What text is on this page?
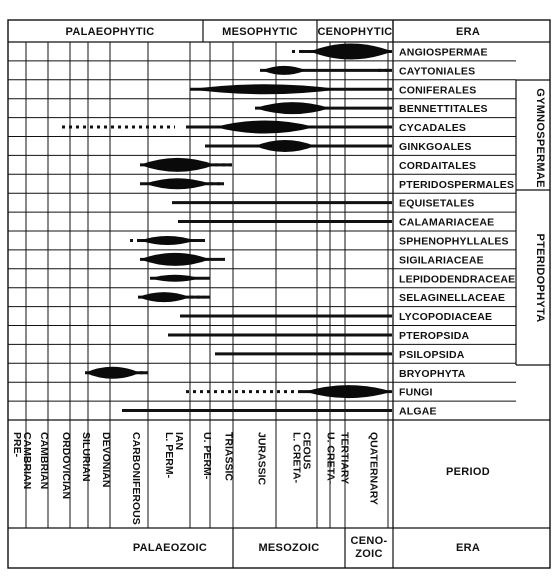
PALAEOPHYTIC	MESOPHYTIC CENOPHYTIC	ERA
ANGIOSPERMAE
CAYTONIALES
CONIFERALES
BENNETTITALES
CYCADALES
GINKGOALES
CORDAITALES
PTERIDOSPERMALES
EQUISETALES
CALAMARIACEAE
SPHENOPHYLLALES
SIGILARIACEAE
LEPIDODENDRACEAE
SELAGINELLACEAE
LYCOPODIACEAE
PTEROPSIDA
PSILOPSIDA
BRYOPHYTA
FUNGI
ALGAE
GYMNOSPERMAE
PTERIDOPHYTA
PRE-
CAMBRIAN CAMBRIAN ORDOVICIAN SILURIAN DEVONIAN CARBONIFEROUS L. PERM-
IAN U. PERM- TRIASSIC JURASSIC L. CRETA-
CEOUS U. CRETA- TERTIARY QUATERNARY
PALAEOZOIC	MESOZOIC
CENO-
ZOIC	ERA
PERIOD
